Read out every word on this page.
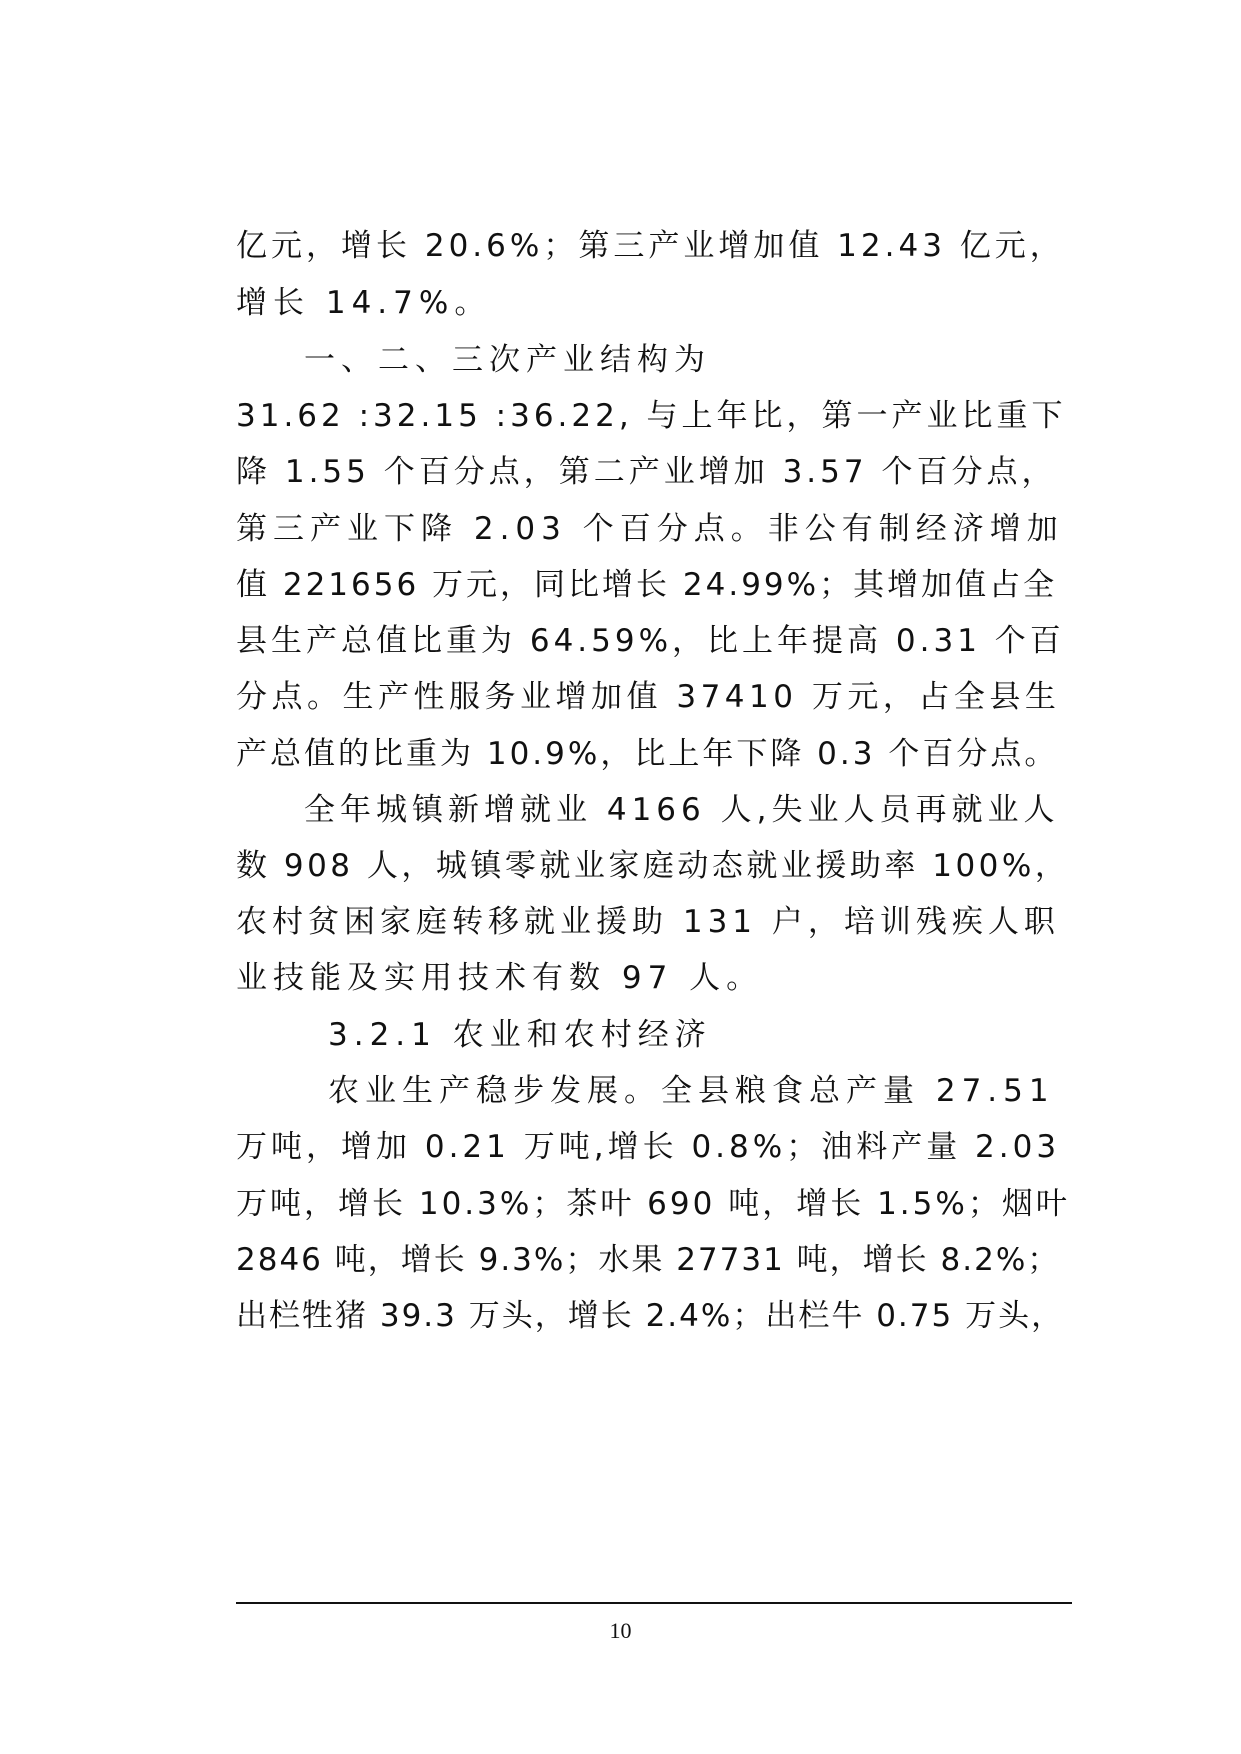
亿元，增长 20.6%；第三产业增加值 12.43 亿元，
增长 14.7%。
一、二、三次产业结构为
31.62 :32.15 :36.22, 与上年比，第一产业比重下
降 1.55 个百分点，第二产业增加 3.57 个百分点，
第三产业下降 2.03 个百分点。非公有制经济增加
值 221656 万元，同比增长 24.99%；其增加值占全
县生产总值比重为 64.59%，比上年提高 0.31 个百
分点。生产性服务业增加值 37410 万元，占全县生
产总值的比重为 10.9%，比上年下降 0.3 个百分点。
全年城镇新增就业 4166 人,失业人员再就业人
数 908 人，城镇零就业家庭动态就业援助率 100%，
农村贫困家庭转移就业援助 131 户，培训残疾人职
业技能及实用技术有数 97 人。
3.2.1 农业和农村经济
农业生产稳步发展。全县粮食总产量 27.51
万吨，增加 0.21 万吨,增长 0.8%；油料产量 2.03
万吨，增长 10.3%；茶叶 690 吨，增长 1.5%；烟叶
2846 吨，增长 9.3%；水果 27731 吨，增长 8.2%；
出栏牲猪 39.3 万头，增长 2.4%；出栏牛 0.75 万头，
10
